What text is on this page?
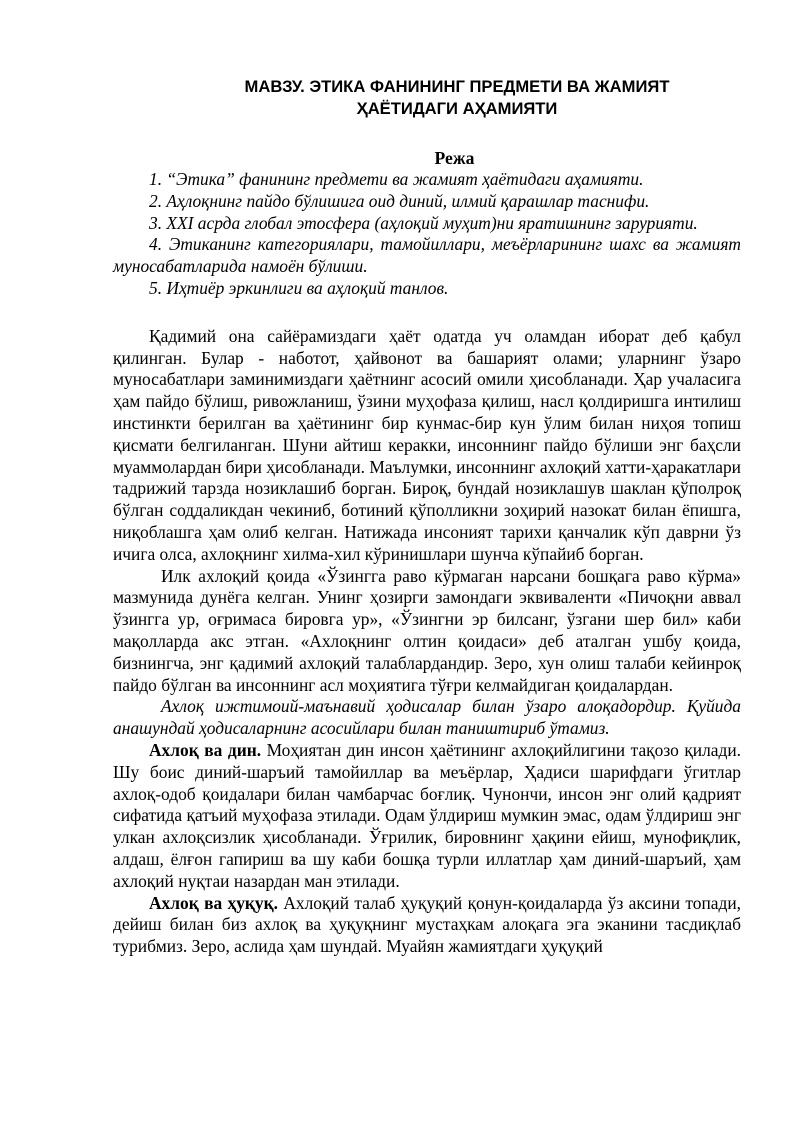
МАВЗУ. ЭТИКА ФАНИНИНГ ПРЕДМЕТИ ВА ЖАМИЯТ
ҲАЁТИДАГИ АҲАМИЯТИ
Режа
1. “Этика” фанининг предмети ва жамият ҳаётидаги аҳамияти.
2. Аҳлоқнинг пайдо бўлишига оид диний, илмий қарашлар таснифи.
3. XXI асрда глобал этосфера (аҳлоқий муҳит)ни яратишнинг зарурияти.
4. Этиканинг категориялари, тамойиллари, меъёрларининг шахс ва жамият муносабатларида намоён бўлиши.
5. Иҳтиёр эркинлиги ва аҳлоқий танлов.

Қадимий она сайёрамиздаги ҳаёт одатда уч оламдан иборат деб қабул қилинган. Булар - наботот, ҳайвонот ва башарият олами; уларнинг ўзаро муносабатлари заминимиздаги ҳаётнинг асосий омили ҳисобланади. Ҳар учаласига ҳам пайдо бўлиш, ривожланиш, ўзини муҳофаза қилиш, насл қолдиришга интилиш инстинкти берилган ва ҳаётининг бир кунмас-бир кун ўлим билан ниҳоя топиш қисмати белгиланган. Шуни айтиш керакки, инсоннинг пайдо бўлиши энг баҳсли муаммолардан бири ҳисобланади. Маълумки, инсоннинг ахлоқий хатти-ҳаракатлари тадрижий тарзда нозиклашиб борган. Бироқ, бундай нозиклашув шаклан қўполроқ бўлган соддаликдан чекиниб, ботиний қўполликни зоҳирий назокат билан ёпишга, ниқоблашга ҳам олиб келган. Натижада инсоният тарихи қанчалик кўп даврни ўз ичига олса, ахлоқнинг хилма-хил кўринишлари шунча кўпайиб борган.

Илк ахлоқий қоида «Ўзингга раво кўрмаган нарсани бошқага раво кўрма» мазмунида дунёга келган. Унинг ҳозирги замондаги эквиваленти «Пичоқни аввал ўзингга ур, оғримаса бировга ур», «Ўзингни эр билсанг, ўзгани шер бил» каби мақолларда акс этган. «Ахлоқнинг олтин қоидаси» деб аталган ушбу қоида, бизнингча, энг қадимий ахлоқий талаблардандир. Зеро, хун олиш талаби кейинроқ пайдо бўлган ва инсоннинг асл моҳиятига тўғри келмайдиган қоидалардан.

Ахлоқ ижтимоий-маънавий ҳодисалар билан ўзаро алоқадордир. Қуйида анашундай ҳодисаларнинг асосийлари билан таништириб ўтамиз.

Ахлоқ ва дин. Моҳиятан дин инсон ҳаётининг ахлоқийлигини тақозо қилади. Шу боис диний-шаръий тамойиллар ва меъёрлар, Ҳадиси шарифдаги ўгитлар ахлоқ-одоб қоидалари билан чамбарчас боғлиқ. Чунончи, инсон энг олий қадрият сифатида қатъий муҳофаза этилади. Одам ўлдириш мумкин эмас, одам ўлдириш энг улкан ахлоқсизлик ҳисобланади. Ўғрилик, бировнинг ҳақини ейиш, мунофиқлик, алдаш, ёлғон гапириш ва шу каби бошқа турли иллатлар ҳам диний-шаръий, ҳам ахлоқий нуқтаи назардан ман этилади.

Ахлоқ ва ҳуқуқ. Ахлоқий талаб ҳуқуқий қонун-қоидаларда ўз аксини топади, дейиш билан биз ахлоқ ва ҳуқуқнинг мустаҳкам алоқага эга эканини тасдиқлаб турибмиз. Зеро, аслида ҳам шундай. Муайян жамиятдаги ҳуқуқий
